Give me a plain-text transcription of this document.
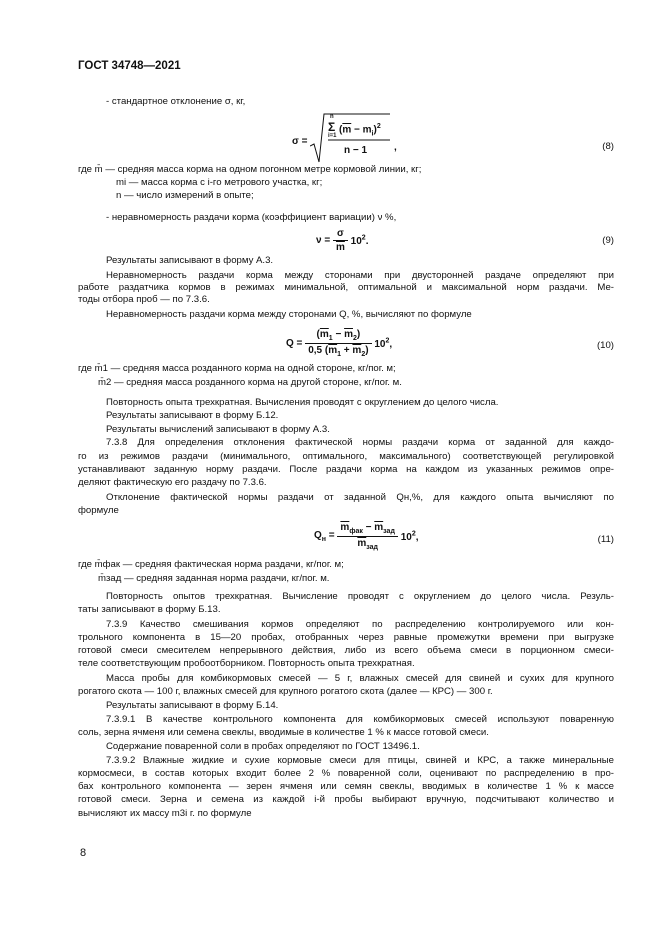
ГОСТ 34748—2021
- стандартное отклонение σ, кг,
σ =
n
Σ
i=1
$(\overline{m} - m_i)^2$
n − 1	,	(8)
где m̄ — средняя масса корма на одном погонном метре кормовой линии, кг;
mi — масса корма с i-го метрового участка, кг;
n — число измерений в опыте;
- неравномерность раздачи корма (коэффициент вариации) ν %,
$\nu = \frac{\sigma}{m} 10^2$.	(9)
Результаты записывают в форму А.3.
Неравномерность раздачи корма между сторонами при двусторонней раздаче определяют при
работе раздатчика кормов в режимах минимальной, оптимальной и максимальной норм раздачи. Ме-
тоды отбора проб — по 7.3.6.
Неравномерность раздачи корма между сторонами Q, %, вычисляют по формуле
$Q = \frac{(\overline{m}_1 - \overline{m}_2)}{0,5 (\overline{m}_1 + \overline{m}_2)} 10^2$,	(10)
где m̄1 — средняя масса розданного корма на одной стороне, кг/пог. м;
m̄2 — средняя масса розданного корма на другой стороне, кг/пог. м.
Повторность опыта трехкратная. Вычисления проводят с округлением до целого числа.
Результаты записывают в форму Б.12.
Результаты вычислений записывают в форму А.3.
7.3.8 Для определения отклонения фактической нормы раздачи корма от заданной для каждо-
го из режимов раздачи (минимального, оптимального, максимального) соответствующей регулировкой
устанавливают заданную норму раздачи. После раздачи корма на каждом из указанных режимов опре-
деляют фактическую его раздачу по 7.3.6.
Отклонение фактической нормы раздачи от заданной Qн,%, для каждого опыта вычисляют по
формуле
$Q_н = \frac{\overline{m}_{фак} - \overline{m}_{зад}}{\overline{m}_{зад}} 10^2$,	(11)
где m̄фак — средняя фактическая норма раздачи, кг/пог. м;
m̄зад — средняя заданная норма раздачи, кг/пог. м.
Повторность опытов трехкратная. Вычисление проводят с округлением до целого числа. Резуль-
таты записывают в форму Б.13.
7.3.9 Качество смешивания кормов определяют по распределению контролируемого или кон-
трольного компонента в 15—20 пробах, отобранных через равные промежутки времени при выгрузке
готовой смеси смесителем непрерывного действия, либо из всего объема смеси в порционном смеси-
теле соответствующим пробоотборником. Повторность опыта трехкратная.
Масса пробы для комбикормовых смесей — 5 г, влажных смесей для свиней и сухих для крупного
рогатого скота — 100 г, влажных смесей для крупного рогатого скота (далее — КРС) — 300 г.
Результаты записывают в форму Б.14.
7.3.9.1 В качестве контрольного компонента для комбикормовых смесей используют поваренную
соль, зерна ячменя или семена свеклы, вводимые в количестве 1 % к массе готовой смеси.
Содержание поваренной соли в пробах определяют по ГОСТ 13496.1.
7.3.9.2 Влажные жидкие и сухие кормовые смеси для птицы, свиней и КРС, а также минеральные
кормосмеси, в состав которых входит более 2 % поваренной соли, оценивают по распределению в про-
бах контрольного компонента — зерен ячменя или семян свеклы, вводимых в количестве 1 % к массе
готовой смеси. Зерна и семена из каждой i-й пробы выбирают вручную, подсчитывают количество и
вычисляют их массу m3i г. по формуле
8
